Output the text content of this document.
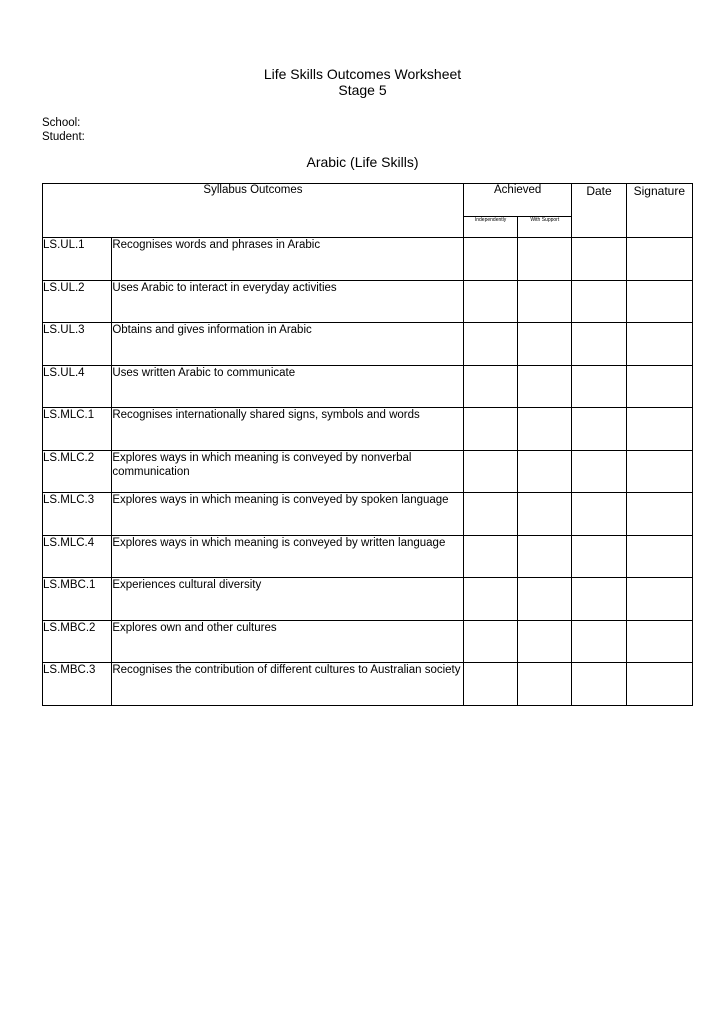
Life Skills Outcomes Worksheet
Stage 5
School:
Student:
Arabic (Life Skills)
Syllabus Outcomes		Achieved		Date	Signature
		Independently	With Support		
LS.UL.1	Recognises words and phrases in Arabic				
LS.UL.2	Uses Arabic to interact in everyday activities				
LS.UL.3	Obtains and gives information in Arabic				
LS.UL.4	Uses written Arabic to communicate				
LS.MLC.1	Recognises internationally shared signs, symbols and words				
LS.MLC.2	Explores ways in which meaning is conveyed by nonverbal communication				
LS.MLC.3	Explores ways in which meaning is conveyed by spoken language				
LS.MLC.4	Explores ways in which meaning is conveyed by written language				
LS.MBC.1	Experiences cultural diversity				
LS.MBC.2	Explores own and other cultures				
LS.MBC.3	Recognises the contribution of different cultures to Australian society				
